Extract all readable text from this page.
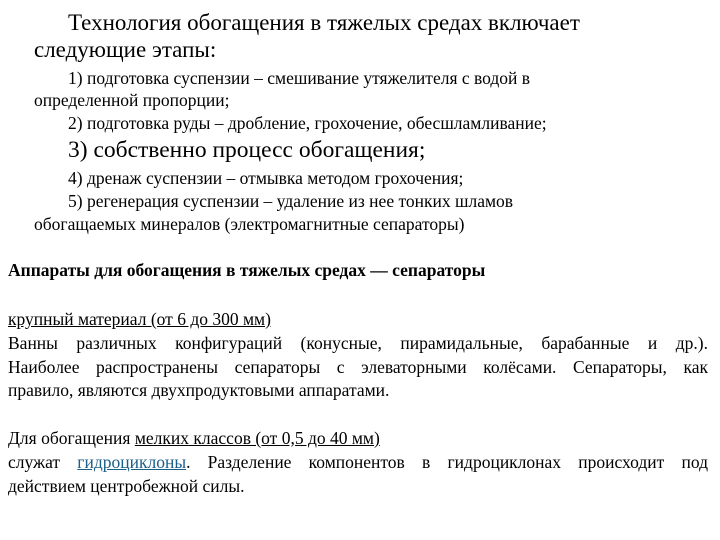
Технология обогащения в тяжелых средах включает
следующие этапы:
1) подготовка суспензии – смешивание утяжелителя с водой в
определенной пропорции;
2) подготовка руды – дробление, грохочение, обесшламливание;
3) собственно процесс обогащения;
4) дренаж суспензии – отмывка методом грохочения;
5) регенерация суспензии – удаление из нее тонких шламов
обогащаемых минералов (электромагнитные сепараторы)
Аппараты для обогащения в тяжелых средах — сепараторы
крупный материал (от 6 до 300 мм)
Ванны различных конфигураций (конусные, пирамидальные, барабанные и др.).
Наиболее распространены сепараторы с элеваторными колёсами. Сепараторы, как
правило, являются двухпродуктовыми аппаратами.
Для обогащения мелких классов (от 0,5 до 40 мм)
служат гидроциклоны. Разделение компонентов в гидроциклонах происходит под
действием центробежной силы.
